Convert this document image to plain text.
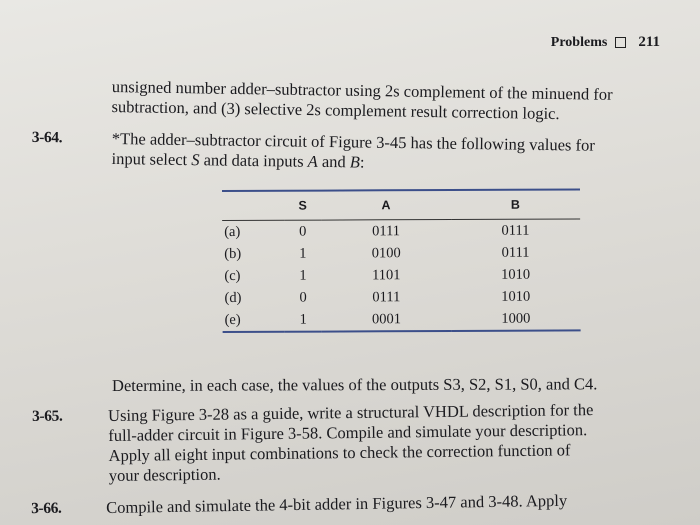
Problems 211
unsigned number adder–subtractor using 2s complement of the minuend for
subtraction, and (3) selective 2s complement result correction logic.
3-64.	*The adder–subtractor circuit of Figure 3-45 has the following values for
input select S and data inputs A and B:

	S	A	B
(a)	0	0111	0111
(b)	1	0100	0111
(c)	1	1101	1010
(d)	0	0111	1010
(e)	1	0001	1000
Determine, in each case, the values of the outputs S3, S2, S1, S0, and C4.
3-65.	Using Figure 3-28 as a guide, write a structural VHDL description for the
full-adder circuit in Figure 3-58. Compile and simulate your description.
Apply all eight input combinations to check the correction function of
your description.
3-66.	Compile and simulate the 4-bit adder in Figures 3-47 and 3-48. Apply
